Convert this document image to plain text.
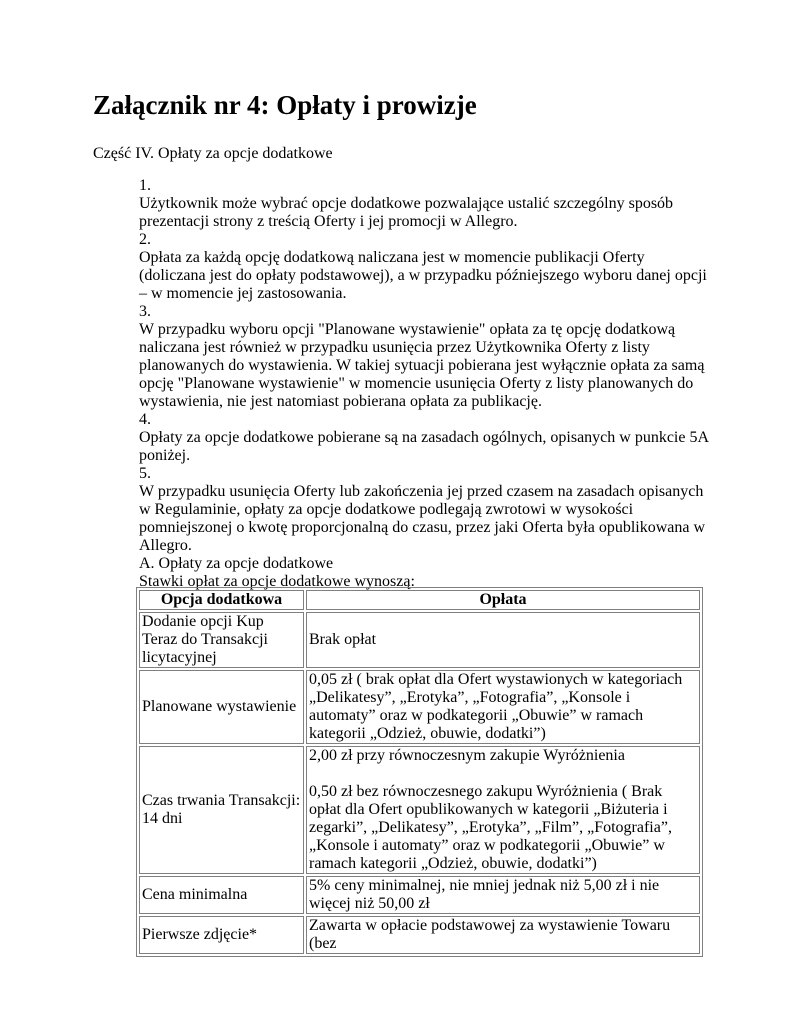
Załącznik nr 4: Opłaty i prowizje

Część IV. Opłaty za opcje dodatkowe

1.

Użytkownik może wybrać opcje dodatkowe pozwalające ustalić szczególny sposób prezentacji strony z treścią Oferty i jej promocji w Allegro.

2.

Opłata za każdą opcję dodatkową naliczana jest w momencie publikacji Oferty (doliczana jest do opłaty podstawowej), a w przypadku późniejszego wyboru danej opcji – w momencie jej zastosowania.

3.

W przypadku wyboru opcji "Planowane wystawienie" opłata za tę opcję dodatkową naliczana jest również w przypadku usunięcia przez Użytkownika Oferty z listy planowanych do wystawienia. W takiej sytuacji pobierana jest wyłącznie opłata za samą opcję "Planowane wystawienie" w momencie usunięcia Oferty z listy planowanych do wystawienia, nie jest natomiast pobierana opłata za publikację.

4.

Opłaty za opcje dodatkowe pobierane są na zasadach ogólnych, opisanych w punkcie 5A poniżej.

5.

W przypadku usunięcia Oferty lub zakończenia jej przed czasem na zasadach opisanych w Regulaminie, opłaty za opcje dodatkowe podlegają zwrotowi w wysokości pomniejszonej o kwotę proporcjonalną do czasu, przez jaki Oferta była opublikowana w Allegro.

A. Opłaty za opcje dodatkowe

Stawki opłat za opcje dodatkowe wynoszą:

Opcja dodatkowa	Opłata
Dodanie opcji Kup Teraz do Transakcji licytacyjnej	Brak opłat
Planowane wystawienie	0,05 zł ( brak opłat dla Ofert wystawionych w kategoriach „Delikatesy”, „Erotyka”, „Fotografia”, „Konsole i automaty” oraz w podkategorii „Obuwie” w ramach kategorii „Odzież, obuwie, dodatki”)
Czas trwania Transakcji: 14 dni	2,00 zł przy równoczesnym zakupie Wyróżnienia
0,50 zł bez równoczesnego zakupu Wyróżnienia ( Brak opłat dla Ofert opublikowanych w kategorii „Biżuteria i zegarki”, „Delikatesy”, „Erotyka”, „Film”, „Fotografia”, „Konsole i automaty” oraz w podkategorii „Obuwie” w ramach kategorii „Odzież, obuwie, dodatki”)

Cena minimalna	5% ceny minimalnej, nie mniej jednak niż 5,00 zł i nie więcej niż 50,00 zł
Pierwsze zdjęcie*	Zawarta w opłacie podstawowej za wystawienie Towaru (bez
